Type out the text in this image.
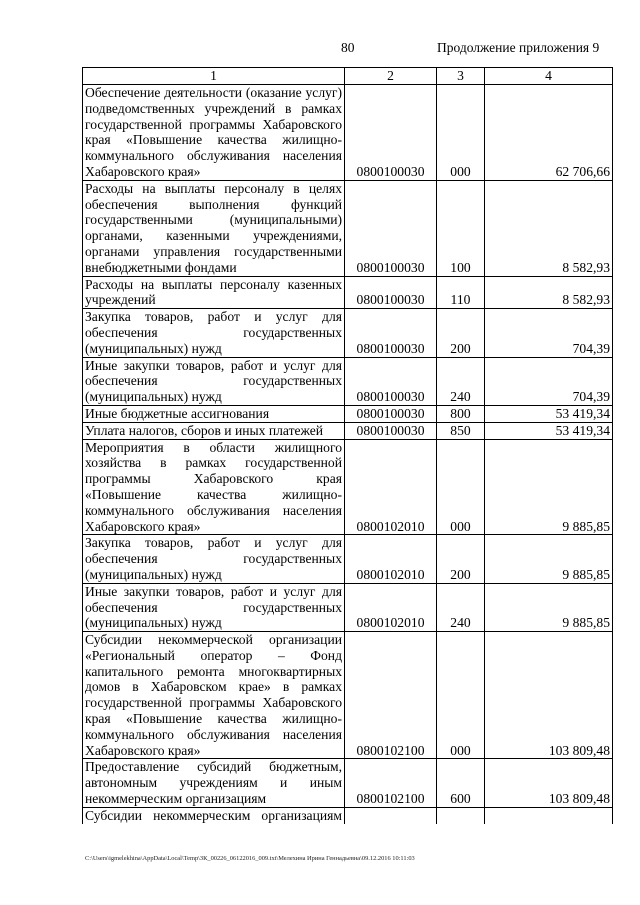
80	Продолжение приложения 9
1	2	3	4
Обеспечение деятельности (оказание услуг) подведомственных учреждений в рамках государственной программы Хабаровского края «Повышение качества жилищно-коммунального обслуживания населения Хабаровского края»	0800100030	000	62 706,66
Расходы на выплаты персоналу в целях обеспечения выполнения функций государственными (муниципальными) органами, казенными учреждениями, органами управления государственными внебюджетными фондами	0800100030	100	8 582,93
Расходы на выплаты персоналу казенных учреждений	0800100030	110	8 582,93
Закупка товаров, работ и услуг для обеспечения государственных (муниципальных) нужд	0800100030	200	704,39
Иные закупки товаров, работ и услуг для обеспечения государственных (муниципальных) нужд	0800100030	240	704,39
Иные бюджетные ассигнования	0800100030	800	53 419,34
Уплата налогов, сборов и иных платежей	0800100030	850	53 419,34
Мероприятия в области жилищного хозяйства в рамках государственной программы Хабаровского края «Повышение качества жилищно-коммунального обслуживания населения Хабаровского края»	0800102010	000	9 885,85
Закупка товаров, работ и услуг для обеспечения государственных (муниципальных) нужд	0800102010	200	9 885,85
Иные закупки товаров, работ и услуг для обеспечения государственных (муниципальных) нужд	0800102010	240	9 885,85
Субсидии некоммерческой организации «Региональный оператор – Фонд капитального ремонта многоквартирных домов в Хабаровском крае» в рамках государственной программы Хабаровского края «Повышение качества жилищно-коммунального обслуживания населения Хабаровского края»	0800102100	000	103 809,48
Предоставление субсидий бюджетным, автономным учреждениям и иным некоммерческим организациям	0800102100	600	103 809,48
Субсидии некоммерческим организациям			
C:\Users\igmelekhina\AppData\Local\Temp\ЗК_00226_06122016_009.txt\Мелехина Ирина Геннадьевна\09.12.2016 10:11:03
